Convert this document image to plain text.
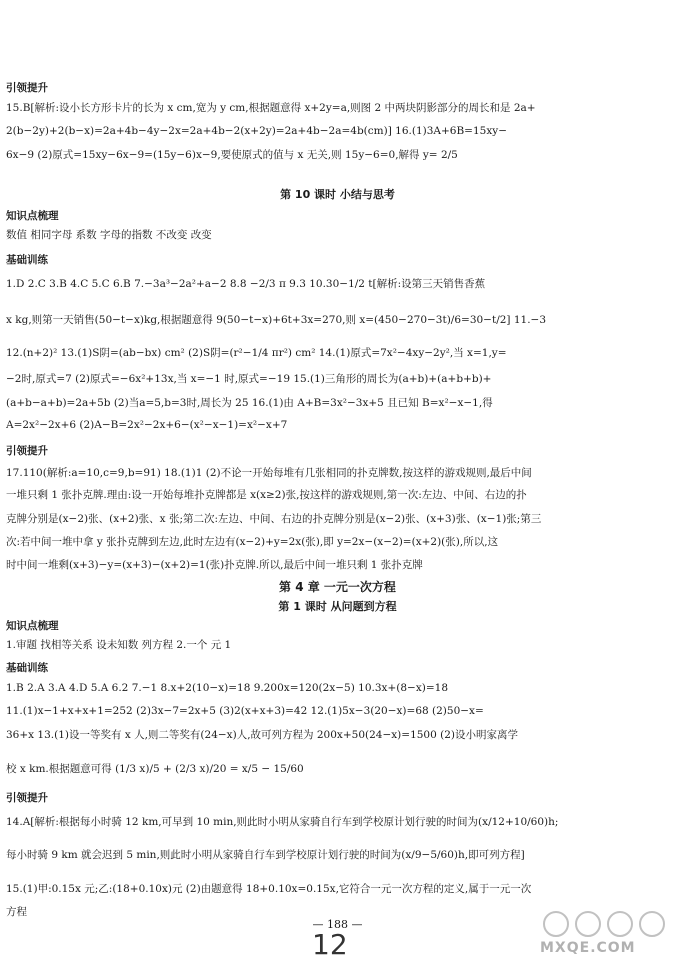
引领提升
15.B[解析:设小长方形卡片的长为 x cm,宽为 y cm,根据题意得 x+2y=a,则图 2 中两块阴影部分的周长和是 2a+
2(b−2y)+2(b−x)=2a+4b−4y−2x=2a+4b−2(x+2y)=2a+4b−2a=4b(cm)] 16.(1)3A+6B=15xy−
6x−9 (2)原式=15xy−6x−9=(15y−6)x−9,要使原式的值与 x 无关,则 15y−6=0,解得 y= 2/5
第 10 课时 小结与思考
知识点梳理
数值 相同字母 系数 字母的指数 不改变 改变
基础训练
1.D 2.C 3.B 4.C 5.C 6.B 7.−3a³−2a²+a−2 8.8 −2/3 π 9.3 10.30−1/2 t[解析:设第三天销售香蕉
x kg,则第一天销售(50−t−x)kg,根据题意得 9(50−t−x)+6t+3x=270,则 x=(450−270−3t)/6=30−t/2] 11.−3
12.(n+2)² 13.(1)S阴=(ab−bx) cm² (2)S阴=(r²−1/4 πr²) cm² 14.(1)原式=7x²−4xy−2y²,当 x=1,y=
−2时,原式=7 (2)原式=−6x²+13x,当 x=−1 时,原式=−19 15.(1)三角形的周长为(a+b)+(a+b+b)+
(a+b−a+b)=2a+5b (2)当a=5,b=3时,周长为 25 16.(1)由 A+B=3x²−3x+5 且已知 B=x²−x−1,得
A=2x²−2x+6 (2)A−B=2x²−2x+6−(x²−x−1)=x²−x+7
引领提升
17.110(解析:a=10,c=9,b=91) 18.(1)1 (2)不论一开始每堆有几张相同的扑克牌数,按这样的游戏规则,最后中间
一堆只剩 1 张扑克牌.理由:设一开始每堆扑克牌都是 x(x≥2)张,按这样的游戏规则,第一次:左边、中间、右边的扑
克牌分别是(x−2)张、(x+2)张、x 张;第二次:左边、中间、右边的扑克牌分别是(x−2)张、(x+3)张、(x−1)张;第三
次:若中间一堆中拿 y 张扑克牌到左边,此时左边有(x−2)+y=2x(张),即 y=2x−(x−2)=(x+2)(张),所以,这
时中间一堆剩(x+3)−y=(x+3)−(x+2)=1(张)扑克牌.所以,最后中间一堆只剩 1 张扑克牌
第 4 章 一元一次方程
第 1 课时 从问题到方程
知识点梳理
1.审题 找相等关系 设未知数 列方程 2.一个 元 1
基础训练
1.B 2.A 3.A 4.D 5.A 6.2 7.−1 8.x+2(10−x)=18 9.200x=120(2x−5) 10.3x+(8−x)=18
11.(1)x−1+x+x+1=252 (2)3x−7=2x+5 (3)2(x+x+3)=42 12.(1)5x−3(20−x)=68 (2)50−x=
36+x 13.(1)设一等奖有 x 人,则二等奖有(24−x)人,故可列方程为 200x+50(24−x)=1500 (2)设小明家离学
校 x km.根据题意可得 (1/3 x)/5 + (2/3 x)/20 = x/5 − 15/60
引领提升
14.A[解析:根据每小时骑 12 km,可早到 10 min,则此时小明从家骑自行车到学校原计划行驶的时间为(x/12+10/60)h;
每小时骑 9 km 就会迟到 5 min,则此时小明从家骑自行车到学校原计划行驶的时间为(x/9−5/60)h,即可列方程]
15.(1)甲:0.15x 元;乙:(18+0.10x)元 (2)由题意得 18+0.10x=0.15x,它符合一元一次方程的定义,属于一元一次
方程
— 188 —
12	MXQE.COM
